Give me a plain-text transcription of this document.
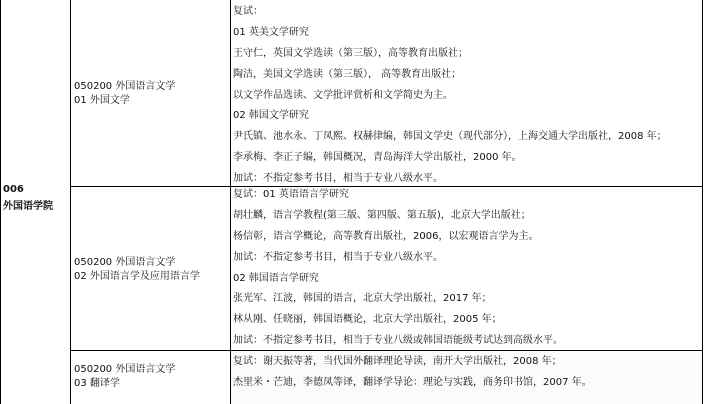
006
外国语学院
050200 外国语言文学
01 外国文学
复试：
01 英美文学研究
王守仁，英国文学选读（第三版），高等教育出版社；
陶洁，美国文学选读（第三版）， 高等教育出版社；
以文学作品选读、文学批评赏析和文学简史为主。
02 韩国文学研究
尹氏镇、池水永、丁凤熙、权赫律编，韩国文学史（现代部分），上海交通大学出版社，2008 年；
李承梅、李正子编，韩国概况，青岛海洋大学出版社，2000 年。
加试：不指定参考书目，相当于专业八级水平。
050200 外国语言文学
02 外国语言学及应用语言学
复试：01 英语语言学研究
胡壮麟，语言学教程(第三版、第四版、第五版)，北京大学出版社；
杨信彰，语言学概论，高等教育出版社，2006，以宏观语言学为主。
加试：不指定参考书目，相当于专业八级水平。
02 韩国语言学研究
张光军、江波，韩国的语言，北京大学出版社，2017 年；
林从刚、任晓丽，韩国语概论，北京大学出版社，2005 年；
加试：不指定参考书目，相当于专业八级或韩国语能级考试达到高级水平。
050200 外国语言文学
03 翻译学
复试：谢天振等著，当代国外翻译理论导读，南开大学出版社，2008 年；
杰里米・芒迪，李德凤等译，翻译学导论：理论与实践，商务印书馆，2007 年。
